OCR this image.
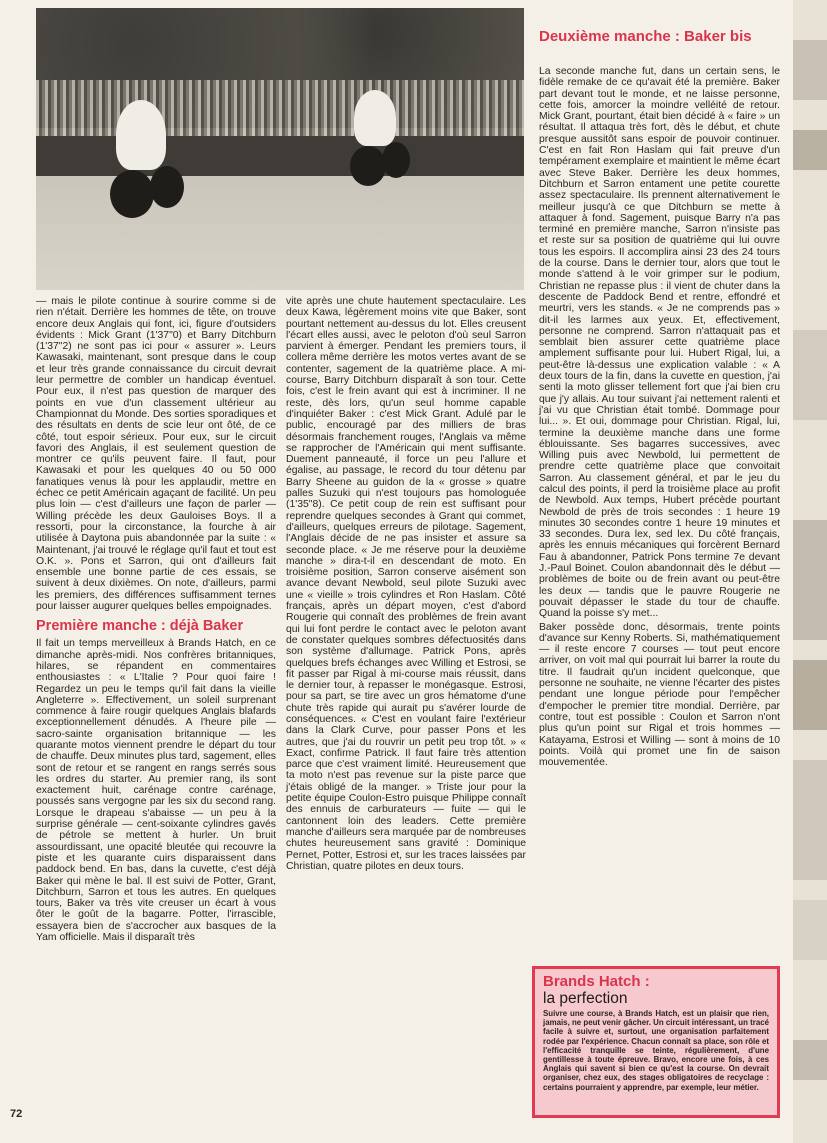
— mais le pilote continue à sourire comme si de rien n'était. Derrière les hommes de tête, on trouve encore deux Anglais qui font, ici, figure d'outsiders évidents : Mick Grant (1'37"0) et Barry Ditchburn (1'37"2) ne sont pas ici pour « assurer ». Leurs Kawasaki, maintenant, sont presque dans le coup et leur très grande connaissance du circuit devrait leur permettre de combler un handicap éventuel. Pour eux, il n'est pas question de marquer des points en vue d'un classement ultérieur au Championnat du Monde. Des sorties sporadiques et des résultats en dents de scie leur ont ôté, de ce côté, tout espoir sérieux. Pour eux, sur le circuit favori des Anglais, il est seulement question de montrer ce qu'ils peuvent faire. Il faut, pour Kawasaki et pour les quelques 40 ou 50 000 fanatiques venus là pour les applaudir, mettre en échec ce petit Américain agaçant de facilité. Un peu plus loin — c'est d'ailleurs une façon de parler — Willing précède les deux Gauloises Boys. Il a ressorti, pour la circonstance, la fourche à air utilisée à Daytona puis abandonnée par la suite : « Maintenant, j'ai trouvé le réglage qu'il faut et tout est O.K. ». Pons et Sarron, qui ont d'ailleurs fait ensemble une bonne partie de ces essais, se suivent à deux dixièmes. On note, d'ailleurs, parmi les premiers, des différences suffisamment ternes pour laisser augurer quelques belles empoignades.

Première manche : déjà Baker

Il fait un temps merveilleux à Brands Hatch, en ce dimanche après-midi. Nos confrères britanniques, hilares, se répandent en commentaires enthousiastes : « L'Italie ? Pour quoi faire ! Regardez un peu le temps qu'il fait dans la vieille Angleterre ». Effectivement, un soleil surprenant commence à faire rougir quelques Anglais blafards exceptionnellement dénudés. A l'heure pile — sacro-sainte organisation britannique — les quarante motos viennent prendre le départ du tour de chauffe. Deux minutes plus tard, sagement, elles sont de retour et se rangent en rangs serrés sous les ordres du starter. Au premier rang, ils sont exactement huit, carénage contre carénage, poussés sans vergogne par les six du second rang. Lorsque le drapeau s'abaisse — un peu à la surprise générale — cent-soixante cylindres gavés de pétrole se mettent à hurler. Un bruit assourdissant, une opacité bleutée qui recouvre la piste et les quarante cuirs disparaissent dans paddock bend. En bas, dans la cuvette, c'est déjà Baker qui mène le bal. Il est suivi de Potter, Grant, Ditchburn, Sarron et tous les autres. En quelques tours, Baker va très vite creuser un écart à vous ôter le goût de la bagarre. Potter, l'irrascible, essayera bien de s'accrocher aux basques de la Yam officielle. Mais il disparaît très

vite après une chute hautement spectaculaire. Les deux Kawa, légèrement moins vite que Baker, sont pourtant nettement au-dessus du lot. Elles creusent l'écart elles aussi, avec le peloton d'où seul Sarron parvient à émerger. Pendant les premiers tours, il collera même derrière les motos vertes avant de se contenter, sagement de la quatrième place. A mi-course, Barry Ditchburn disparaît à son tour. Cette fois, c'est le frein avant qui est à incriminer. Il ne reste, dès lors, qu'un seul homme capable d'inquiéter Baker : c'est Mick Grant. Adulé par le public, encouragé par des milliers de bras désormais franchement rouges, l'Anglais va même se rapprocher de l'Américain qui ment suffisante. Duement panneauté, il force un peu l'allure et égalise, au passage, le record du tour détenu par Barry Sheene au guidon de la « grosse » quatre palles Suzuki qui n'est toujours pas homologuée (1'35"8). Ce petit coup de rein est suffisant pour reprendre quelques secondes à Grant qui commet, d'ailleurs, quelques erreurs de pilotage. Sagement, l'Anglais décide de ne pas insister et assure sa seconde place. « Je me réserve pour la deuxième manche » dira-t-il en descendant de moto. En troisième position, Sarron conserve aisément son avance devant Newbold, seul pilote Suzuki avec une « vieille » trois cylindres et Ron Haslam. Côté français, après un départ moyen, c'est d'abord Rougerie qui connaît des problèmes de frein avant qui lui font perdre le contact avec le peloton avant de constater quelques sombres défectuosités dans son système d'allumage. Patrick Pons, après quelques brefs échanges avec Willing et Estrosi, se fit passer par Rigal à mi-course mais réussit, dans le dernier tour, à repasser le monégasque. Estrosi, pour sa part, se tire avec un gros hématome d'une chute très rapide qui aurait pu s'avérer lourde de conséquences. « C'est en voulant faire l'extérieur dans la Clark Curve, pour passer Pons et les autres, que j'ai du rouvrir un petit peu trop tôt. » « Exact, confirme Patrick. Il faut faire très attention parce que c'est vraiment limité. Heureusement que ta moto n'est pas revenue sur la piste parce que j'étais obligé de la manger. » Triste jour pour la petite équipe Coulon-Estro puisque Philippe connaît des ennuis de carburateurs — fuite — qui le cantonnent loin des leaders. Cette première manche d'ailleurs sera marquée par de nombreuses chutes heureusement sans gravité : Dominique Pernet, Potter, Estrosi et, sur les traces laissées par Christian, quatre pilotes en deux tours.

Deuxième manche : Baker bis

La seconde manche fut, dans un certain sens, le fidèle remake de ce qu'avait été la première. Baker part devant tout le monde, et ne laisse personne, cette fois, amorcer la moindre velléité de retour. Mick Grant, pourtant, était bien décidé à « faire » un résultat. Il attaqua très fort, dès le début, et chute presque aussitôt sans espoir de pouvoir continuer. C'est en fait Ron Haslam qui fait preuve d'un tempérament exemplaire et maintient le même écart avec Steve Baker. Derrière les deux hommes, Ditchburn et Sarron entament une petite courette assez spectaculaire. Ils prennent alternativement le meilleur jusqu'à ce que Ditchburn se mette à attaquer à fond. Sagement, puisque Barry n'a pas terminé en première manche, Sarron n'insiste pas et reste sur sa position de quatrième qui lui ouvre tous les espoirs. Il accomplira ainsi 23 des 24 tours de la course. Dans le dernier tour, alors que tout le monde s'attend à le voir grimper sur le podium, Christian ne repasse plus : il vient de chuter dans la descente de Paddock Bend et rentre, effondré et meurtri, vers les stands. « Je ne comprends pas » dit-il les larmes aux yeux. Et, effectivement, personne ne comprend. Sarron n'attaquait pas et semblait bien assurer cette quatrième place amplement suffisante pour lui. Hubert Rigal, lui, a peut-être là-dessus une explication valable : « A deux tours de la fin, dans la cuvette en question, j'ai senti la moto glisser tellement fort que j'ai bien cru que j'y allais. Au tour suivant j'ai nettement ralenti et j'ai vu que Christian était tombé. Dommage pour lui... ». Et oui, dommage pour Christian. Rigal, lui, termine la deuxième manche dans une forme éblouissante. Ses bagarres successives, avec Willing puis avec Newbold, lui permettent de prendre cette quatrième place que convoitait Sarron. Au classement général, et par le jeu du calcul des points, il perd la troisième place au profit de Newbold. Aux temps, Hubert précède pourtant Newbold de près de trois secondes : 1 heure 19 minutes 30 secondes contre 1 heure 19 minutes et 33 secondes. Dura lex, sed lex. Du côté français, après les ennuis mécaniques qui forcèrent Bernard Fau à abandonner, Patrick Pons termine 7e devant J.-Paul Boinet. Coulon abandonnait dès le début — problèmes de boite ou de frein avant ou peut-être les deux — tandis que le pauvre Rougerie ne pouvait dépasser le stade du tour de chauffe. Quand la poisse s'y met...

Baker possède donc, désormais, trente points d'avance sur Kenny Roberts. Si, mathématiquement — il reste encore 7 courses — tout peut encore arriver, on voit mal qui pourrait lui barrer la route du titre. Il faudrait qu'un incident quelconque, que personne ne souhaite, ne vienne l'écarter des pistes pendant une longue période pour l'empêcher d'empocher le premier titre mondial. Derrière, par contre, tout est possible : Coulon et Sarron n'ont plus qu'un point sur Rigal et trois hommes — Katayama, Estrosi et Willing — sont à moins de 10 points. Voilà qui promet une fin de saison mouvementée.

Brands Hatch :
la perfection
Suivre une course, à Brands Hatch, est un plaisir que rien, jamais, ne peut venir gâcher. Un circuit intéressant, un tracé facile à suivre et, surtout, une organisation parfaitement rodée par l'expérience. Chacun connaît sa place, son rôle et l'efficacité tranquille se teinte, régulièrement, d'une gentillesse à toute épreuve. Bravo, encore une fois, à ces Anglais qui savent si bien ce qu'est la course. On devrait organiser, chez eux, des stages obligatoires de recyclage : certains pourraient y apprendre, par exemple, leur métier.
72
